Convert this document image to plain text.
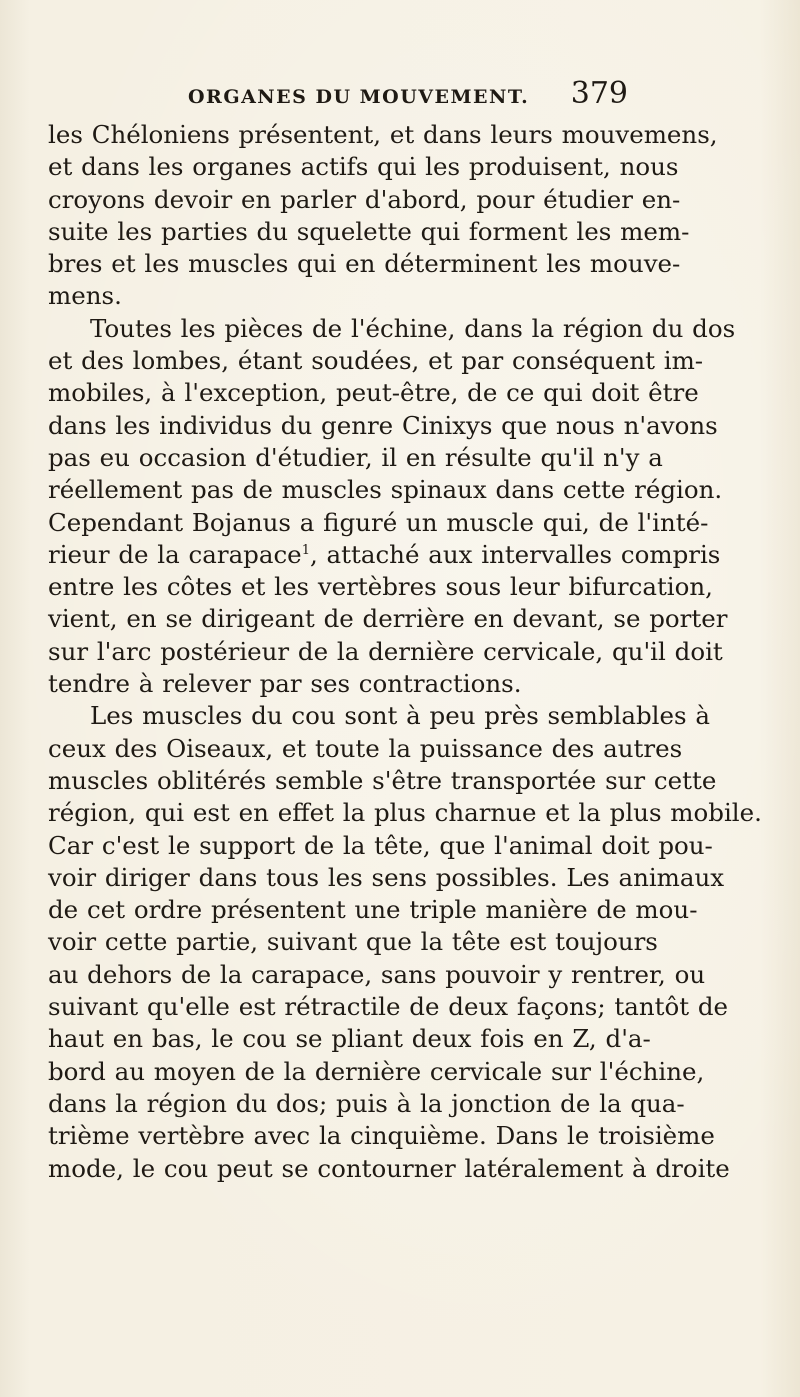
ORGANES DU MOUVEMENT. 379
les Chéloniens présentent, et dans leurs mouvemens,
et dans les organes actifs qui les produisent, nous
croyons devoir en parler d'abord, pour étudier en-
suite les parties du squelette qui forment les mem-
bres et les muscles qui en déterminent les mouve-
mens.
Toutes les pièces de l'échine, dans la région du dos
et des lombes, étant soudées, et par conséquent im-
mobiles, à l'exception, peut-être, de ce qui doit être
dans les individus du genre Cinixys que nous n'avons
pas eu occasion d'étudier, il en résulte qu'il n'y a
réellement pas de muscles spinaux dans cette région.
Cependant Bojanus a figuré un muscle qui, de l'inté-
rieur de la carapace$^1$, attaché aux intervalles compris
entre les côtes et les vertèbres sous leur bifurcation,
vient, en se dirigeant de derrière en devant, se porter
sur l'arc postérieur de la dernière cervicale, qu'il doit
tendre à relever par ses contractions.
Les muscles du cou sont à peu près semblables à
ceux des Oiseaux, et toute la puissance des autres
muscles oblitérés semble s'être transportée sur cette
région, qui est en effet la plus charnue et la plus mobile.
Car c'est le support de la tête, que l'animal doit pou-
voir diriger dans tous les sens possibles. Les animaux
de cet ordre présentent une triple manière de mou-
voir cette partie, suivant que la tête est toujours
au dehors de la carapace, sans pouvoir y rentrer, ou
suivant qu'elle est rétractile de deux façons; tantôt de
haut en bas, le cou se pliant deux fois en Z, d'a-
bord au moyen de la dernière cervicale sur l'échine,
dans la région du dos; puis à la jonction de la qua-
trième vertèbre avec la cinquième. Dans le troisième
mode, le cou peut se contourner latéralement à droite
